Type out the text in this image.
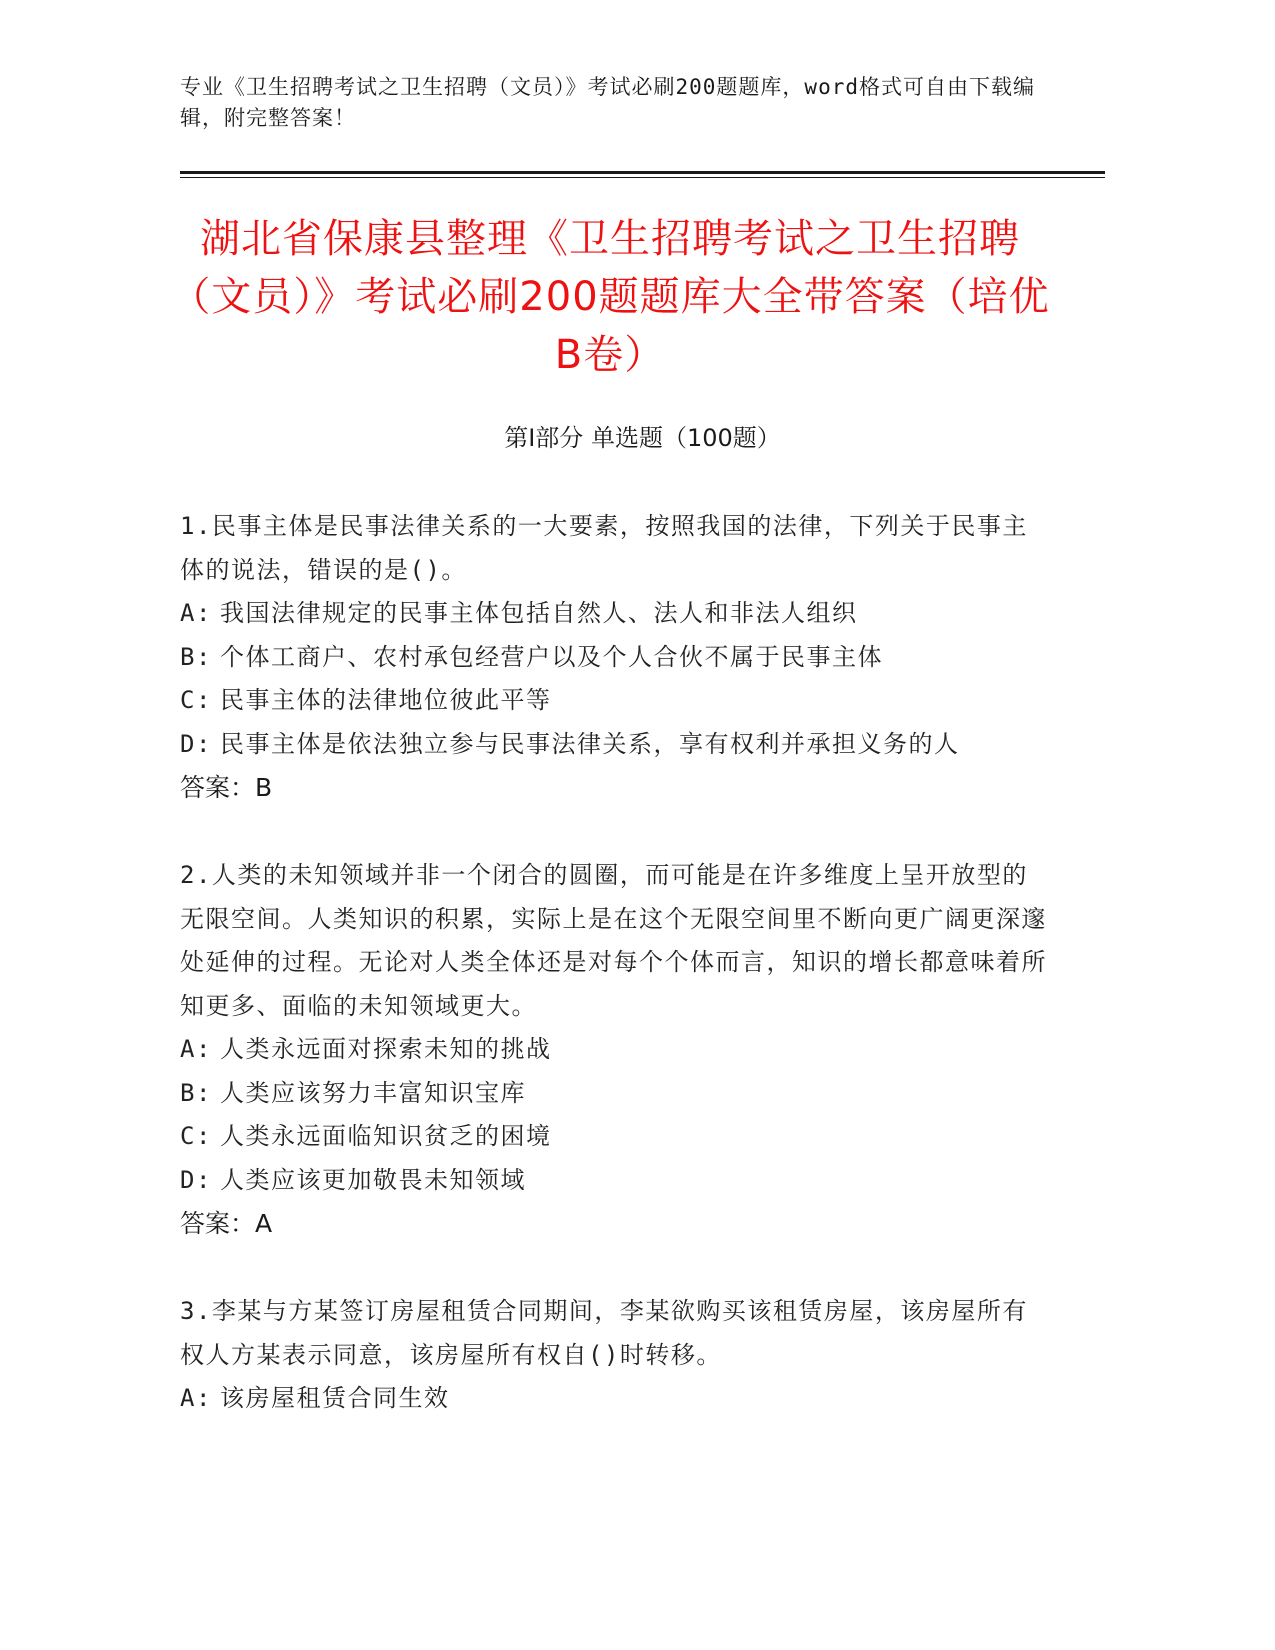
专业《卫生招聘考试之卫生招聘（文员）》考试必刷200题题库，word格式可自由下载编辑，附完整答案！
湖北省保康县整理《卫生招聘考试之卫生招聘（文员）》考试必刷200题题库大全带答案（培优B卷）
第Ⅰ部分 单选题（100题）
1.民事主体是民事法律关系的一大要素，按照我国的法律，下列关于民事主体的说法，错误的是()。
A: 我国法律规定的民事主体包括自然人、法人和非法人组织
B: 个体工商户、农村承包经营户以及个人合伙不属于民事主体
C: 民事主体的法律地位彼此平等
D: 民事主体是依法独立参与民事法律关系，享有权利并承担义务的人
答案：B
2.人类的未知领域并非一个闭合的圆圈，而可能是在许多维度上呈开放型的无限空间。人类知识的积累，实际上是在这个无限空间里不断向更广阔更深邃处延伸的过程。无论对人类全体还是对每个个体而言，知识的增长都意味着所知更多、面临的未知领域更大。
A: 人类永远面对探索未知的挑战
B: 人类应该努力丰富知识宝库
C: 人类永远面临知识贫乏的困境
D: 人类应该更加敬畏未知领域
答案：A
3.李某与方某签订房屋租赁合同期间，李某欲购买该租赁房屋，该房屋所有权人方某表示同意，该房屋所有权自()时转移。
A: 该房屋租赁合同生效
